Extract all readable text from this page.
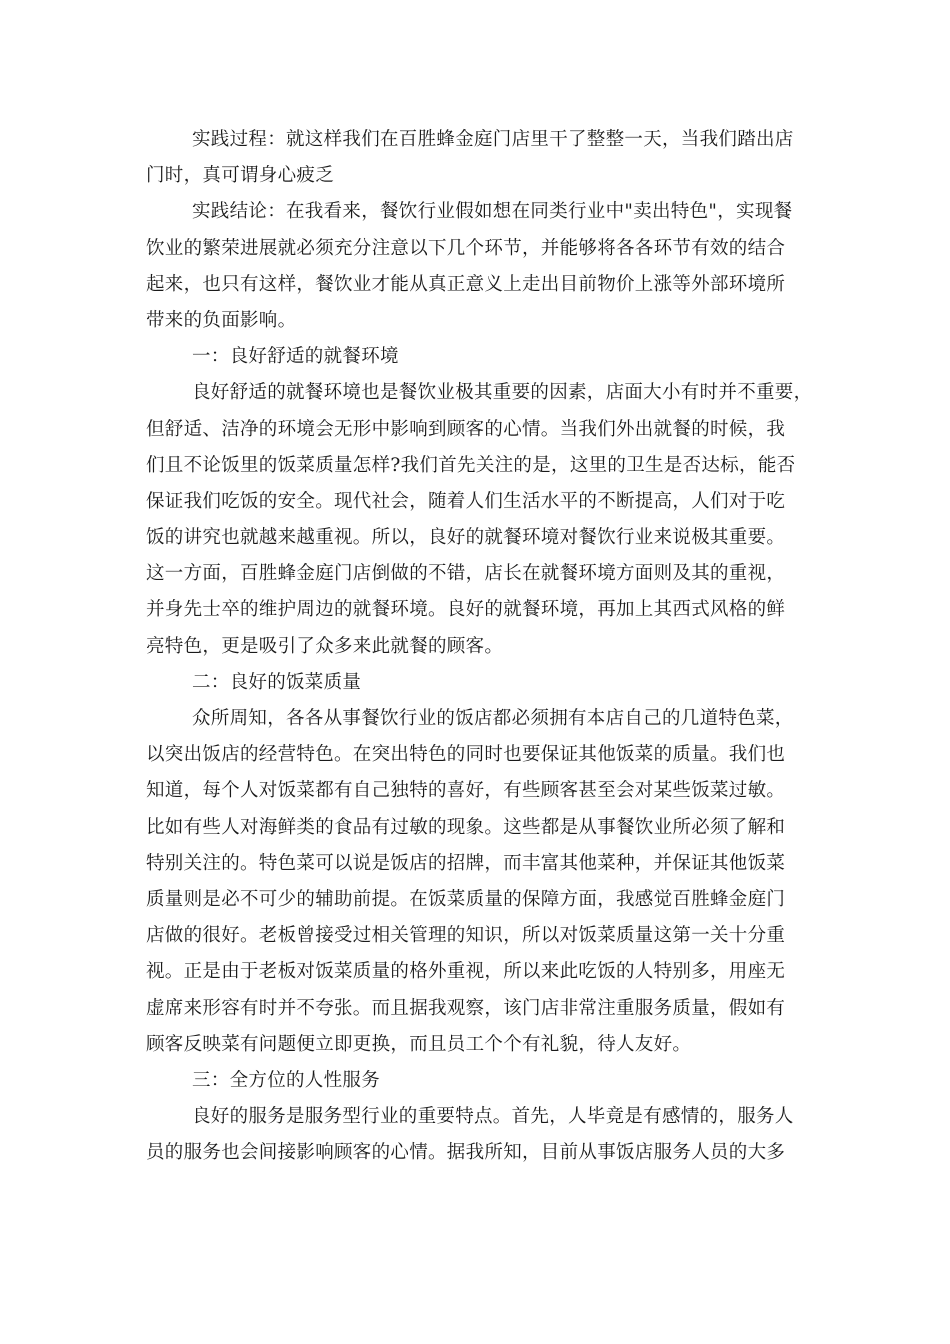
实践过程：就这样我们在百胜蜂金庭门店里干了整整一天，当我们踏出店
门时，真可谓身心疲乏
实践结论：在我看来，餐饮行业假如想在同类行业中"卖出特色"，实现餐
饮业的繁荣进展就必须充分注意以下几个环节，并能够将各各环节有效的结合
起来，也只有这样，餐饮业才能从真正意义上走出目前物价上涨等外部环境所
带来的负面影响。
一：良好舒适的就餐环境
良好舒适的就餐环境也是餐饮业极其重要的因素，店面大小有时并不重要，
但舒适、洁净的环境会无形中影响到顾客的心情。当我们外出就餐的时候，我
们且不论饭里的饭菜质量怎样?我们首先关注的是，这里的卫生是否达标，能否
保证我们吃饭的安全。现代社会，随着人们生活水平的不断提高，人们对于吃
饭的讲究也就越来越重视。所以，良好的就餐环境对餐饮行业来说极其重要。
这一方面，百胜蜂金庭门店倒做的不错，店长在就餐环境方面则及其的重视，
并身先士卒的维护周边的就餐环境。良好的就餐环境，再加上其西式风格的鲜
亮特色，更是吸引了众多来此就餐的顾客。
二：良好的饭菜质量
众所周知，各各从事餐饮行业的饭店都必须拥有本店自己的几道特色菜，
以突出饭店的经营特色。在突出特色的同时也要保证其他饭菜的质量。我们也
知道，每个人对饭菜都有自己独特的喜好，有些顾客甚至会对某些饭菜过敏。
比如有些人对海鲜类的食品有过敏的现象。这些都是从事餐饮业所必须了解和
特别关注的。特色菜可以说是饭店的招牌，而丰富其他菜种，并保证其他饭菜
质量则是必不可少的辅助前提。在饭菜质量的保障方面，我感觉百胜蜂金庭门
店做的很好。老板曾接受过相关管理的知识，所以对饭菜质量这第一关十分重
视。正是由于老板对饭菜质量的格外重视，所以来此吃饭的人特别多，用座无
虚席来形容有时并不夸张。而且据我观察，该门店非常注重服务质量，假如有
顾客反映菜有问题便立即更换，而且员工个个有礼貌，待人友好。
三：全方位的人性服务
良好的服务是服务型行业的重要特点。首先，人毕竟是有感情的，服务人
员的服务也会间接影响顾客的心情。据我所知，目前从事饭店服务人员的大多
